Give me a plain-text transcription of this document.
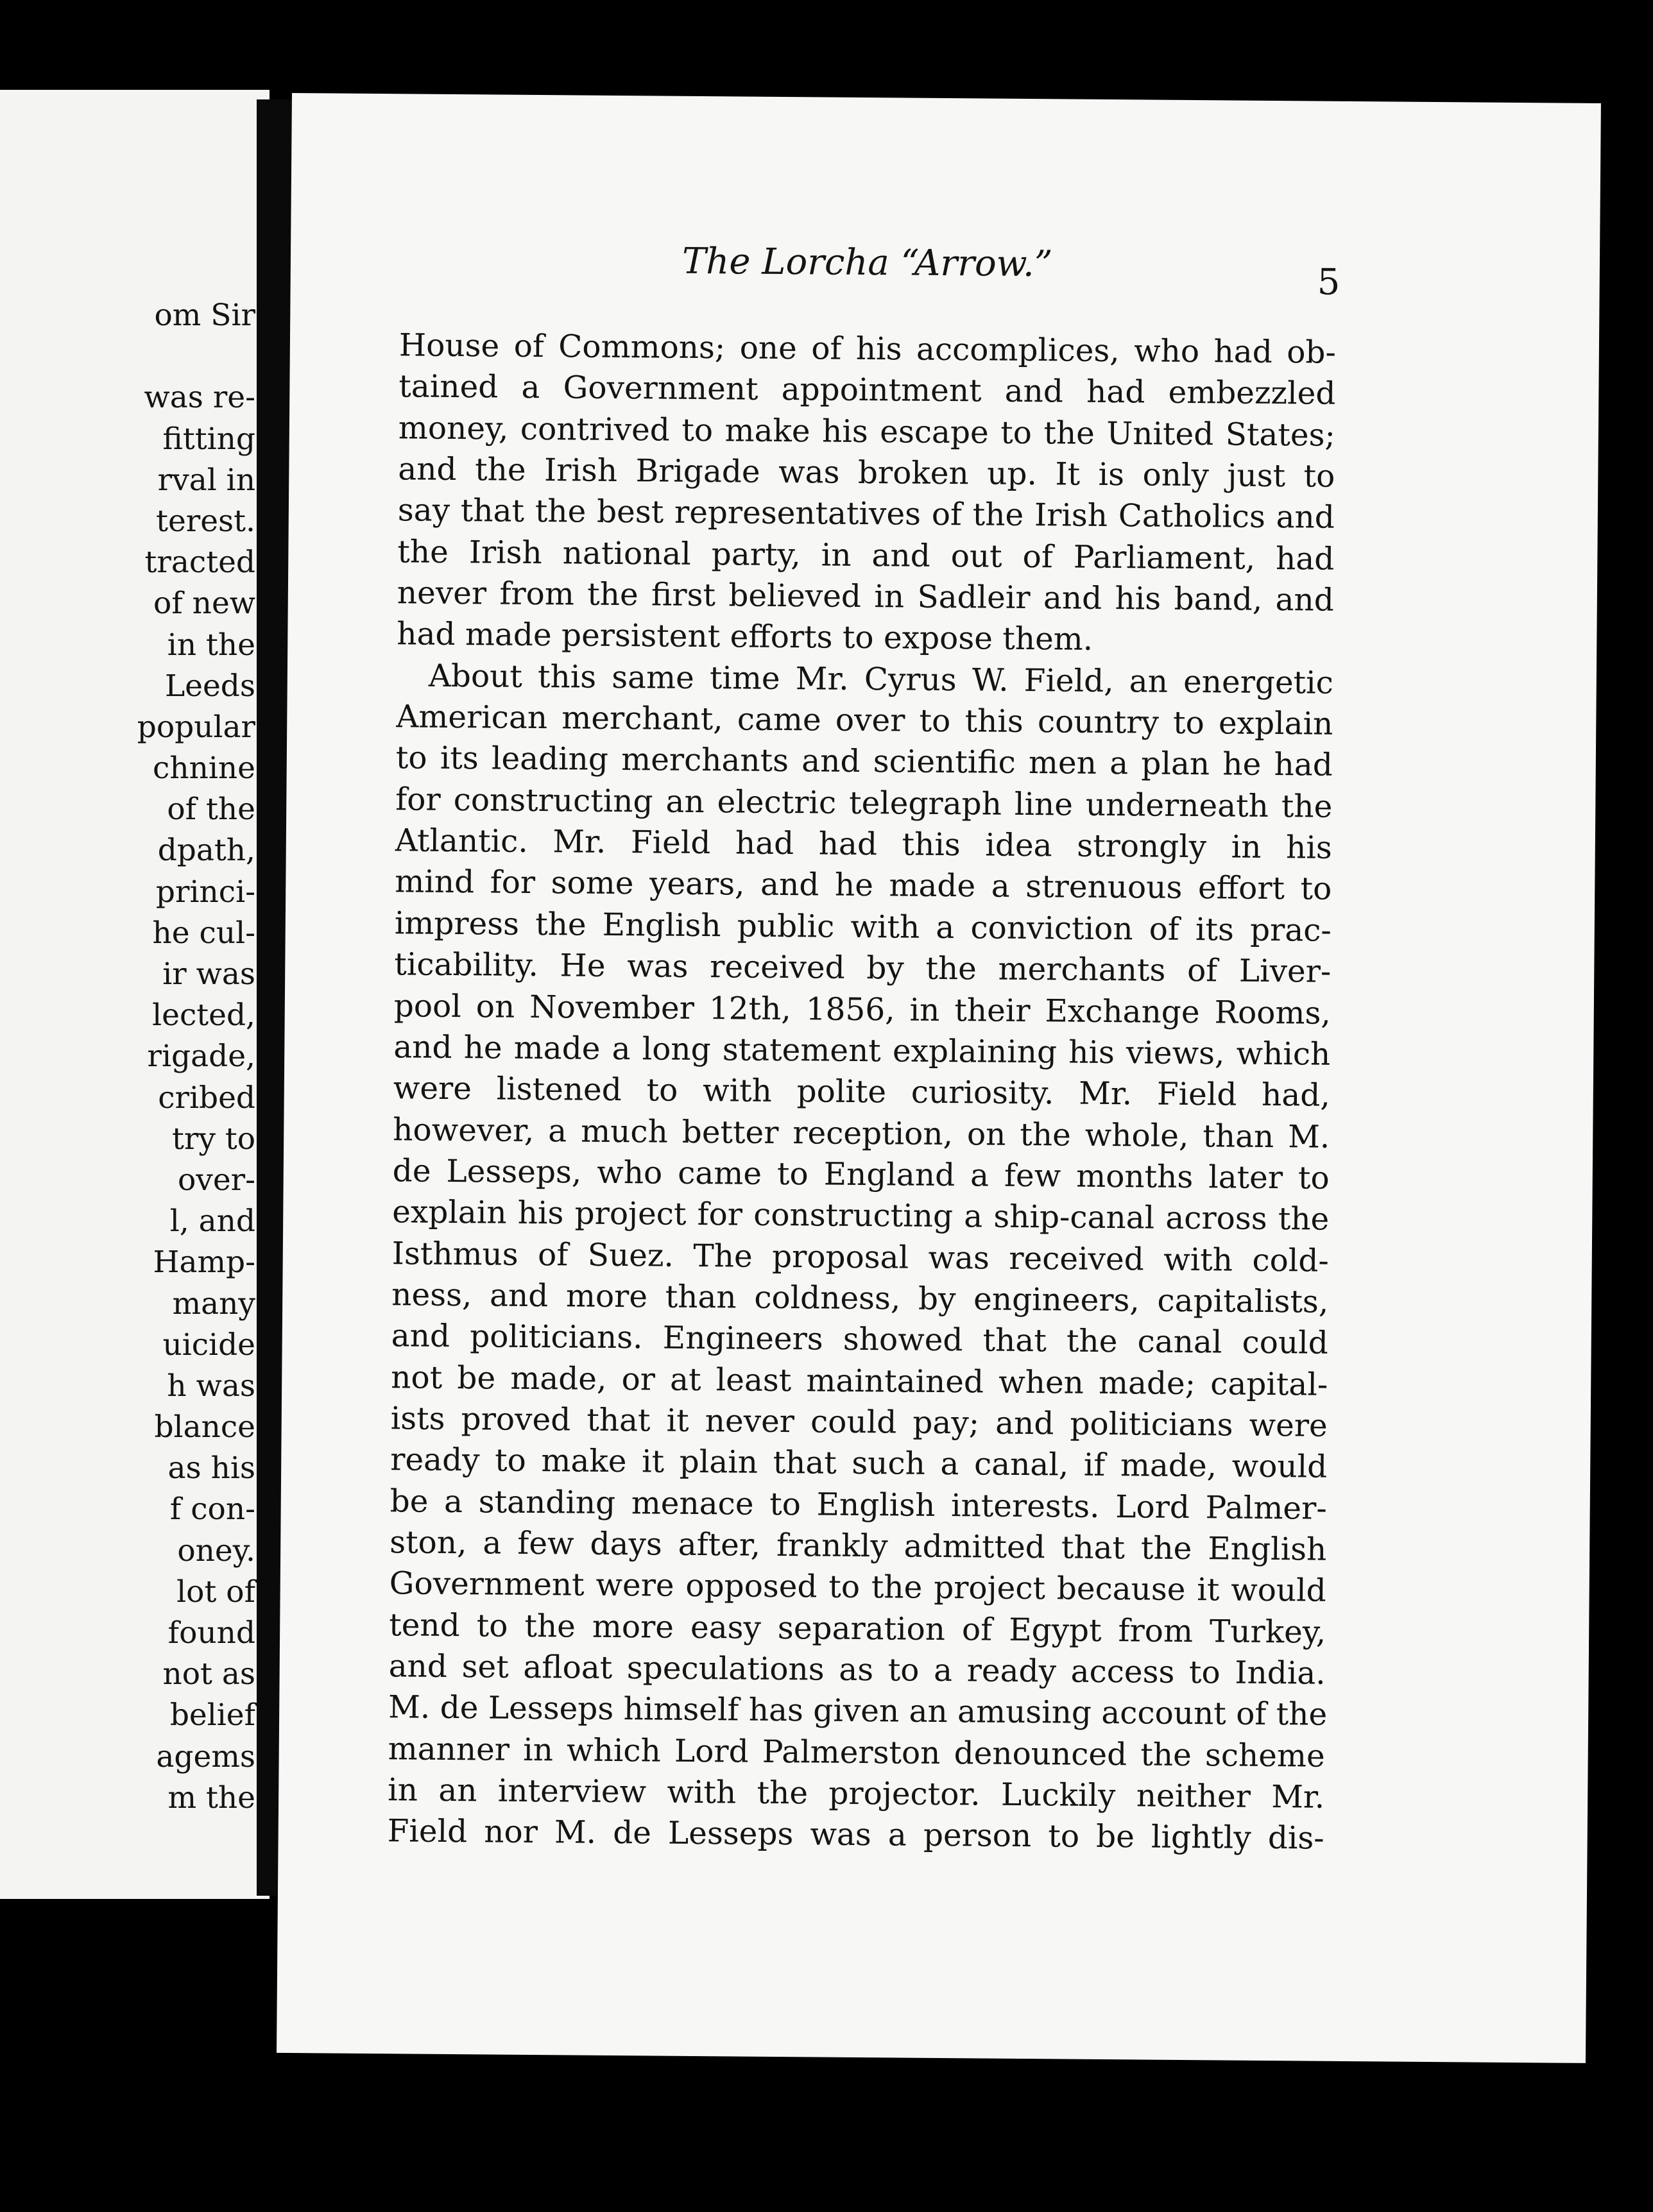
om Sir
was re-
fitting
rval in
terest.
tracted
of new
in the
Leeds
popular
chnine
of the
dpath,
princi-
he cul-
ir was
lected,
rigade,
cribed
try to
over-
l, and
Hamp-
many
uicide
h was
blance
as his
f con-
oney.
lot of
found
not as
belief
agems
m the
The Lorcha “Arrow.”	5
House of Commons; one of his accomplices, who had ob-
tained a Government appointment and had embezzled
money, contrived to make his escape to the United States;
and the Irish Brigade was broken up. It is only just to
say that the best representatives of the Irish Catholics and
the Irish national party, in and out of Parliament, had
never from the first believed in Sadleir and his band, and
had made persistent efforts to expose them.
About this same time Mr. Cyrus W. Field, an energetic
American merchant, came over to this country to explain
to its leading merchants and scientific men a plan he had
for constructing an electric telegraph line underneath the
Atlantic. Mr. Field had had this idea strongly in his
mind for some years, and he made a strenuous effort to
impress the English public with a conviction of its prac-
ticability. He was received by the merchants of Liver-
pool on November 12th, 1856, in their Exchange Rooms,
and he made a long statement explaining his views, which
were listened to with polite curiosity. Mr. Field had,
however, a much better reception, on the whole, than M.
de Lesseps, who came to England a few months later to
explain his project for constructing a ship-canal across the
Isthmus of Suez. The proposal was received with cold-
ness, and more than coldness, by engineers, capitalists,
and politicians. Engineers showed that the canal could
not be made, or at least maintained when made; capital-
ists proved that it never could pay; and politicians were
ready to make it plain that such a canal, if made, would
be a standing menace to English interests. Lord Palmer-
ston, a few days after, frankly admitted that the English
Government were opposed to the project because it would
tend to the more easy separation of Egypt from Turkey,
and set afloat speculations as to a ready access to India.
M. de Lesseps himself has given an amusing account of the
manner in which Lord Palmerston denounced the scheme
in an interview with the projector. Luckily neither Mr.
Field nor M. de Lesseps was a person to be lightly dis-
